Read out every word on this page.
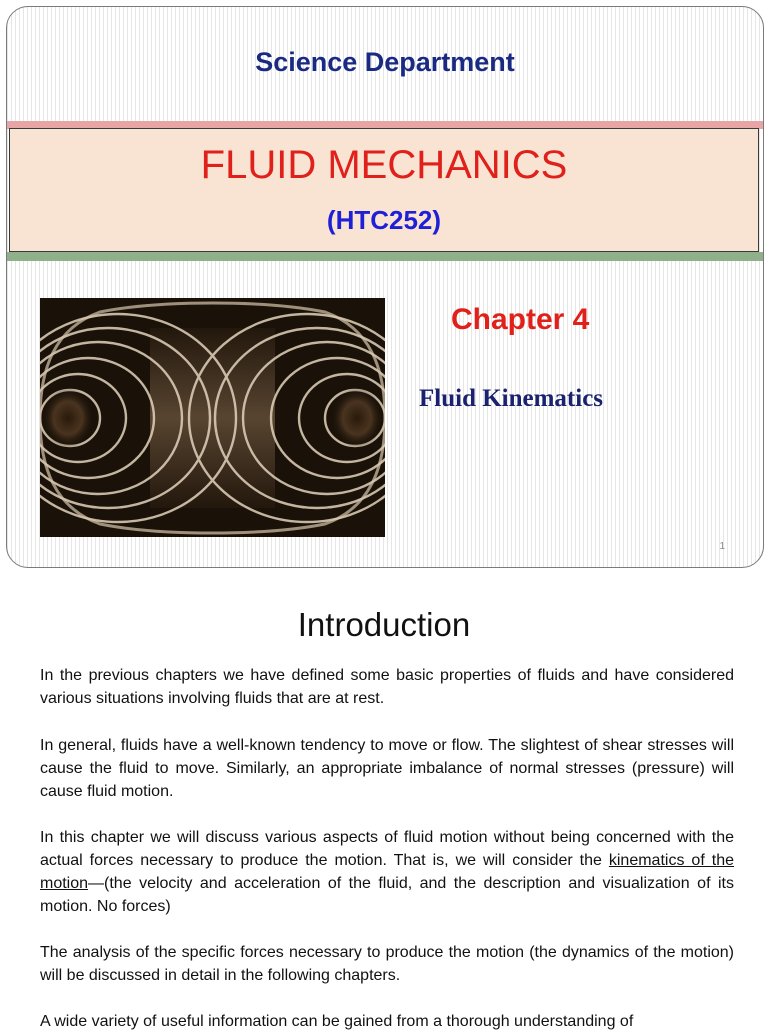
Science Department
FLUID MECHANICS
(HTC252)
Chapter 4
Fluid Kinematics
1
Introduction

In the previous chapters we have defined some basic properties of fluids and have considered various situations involving fluids that are at rest.

In general, fluids have a well-known tendency to move or flow. The slightest of shear stresses will cause the fluid to move. Similarly, an appropriate imbalance of normal stresses (pressure) will cause fluid motion.

In this chapter we will discuss various aspects of fluid motion without being concerned with the actual forces necessary to produce the motion. That is, we will consider the kinematics of the motion—(the velocity and acceleration of the fluid, and the description and visualization of its motion. No forces)

The analysis of the specific forces necessary to produce the motion (the dynamics of the motion) will be discussed in detail in the following chapters.

A wide variety of useful information can be gained from a thorough understanding of
